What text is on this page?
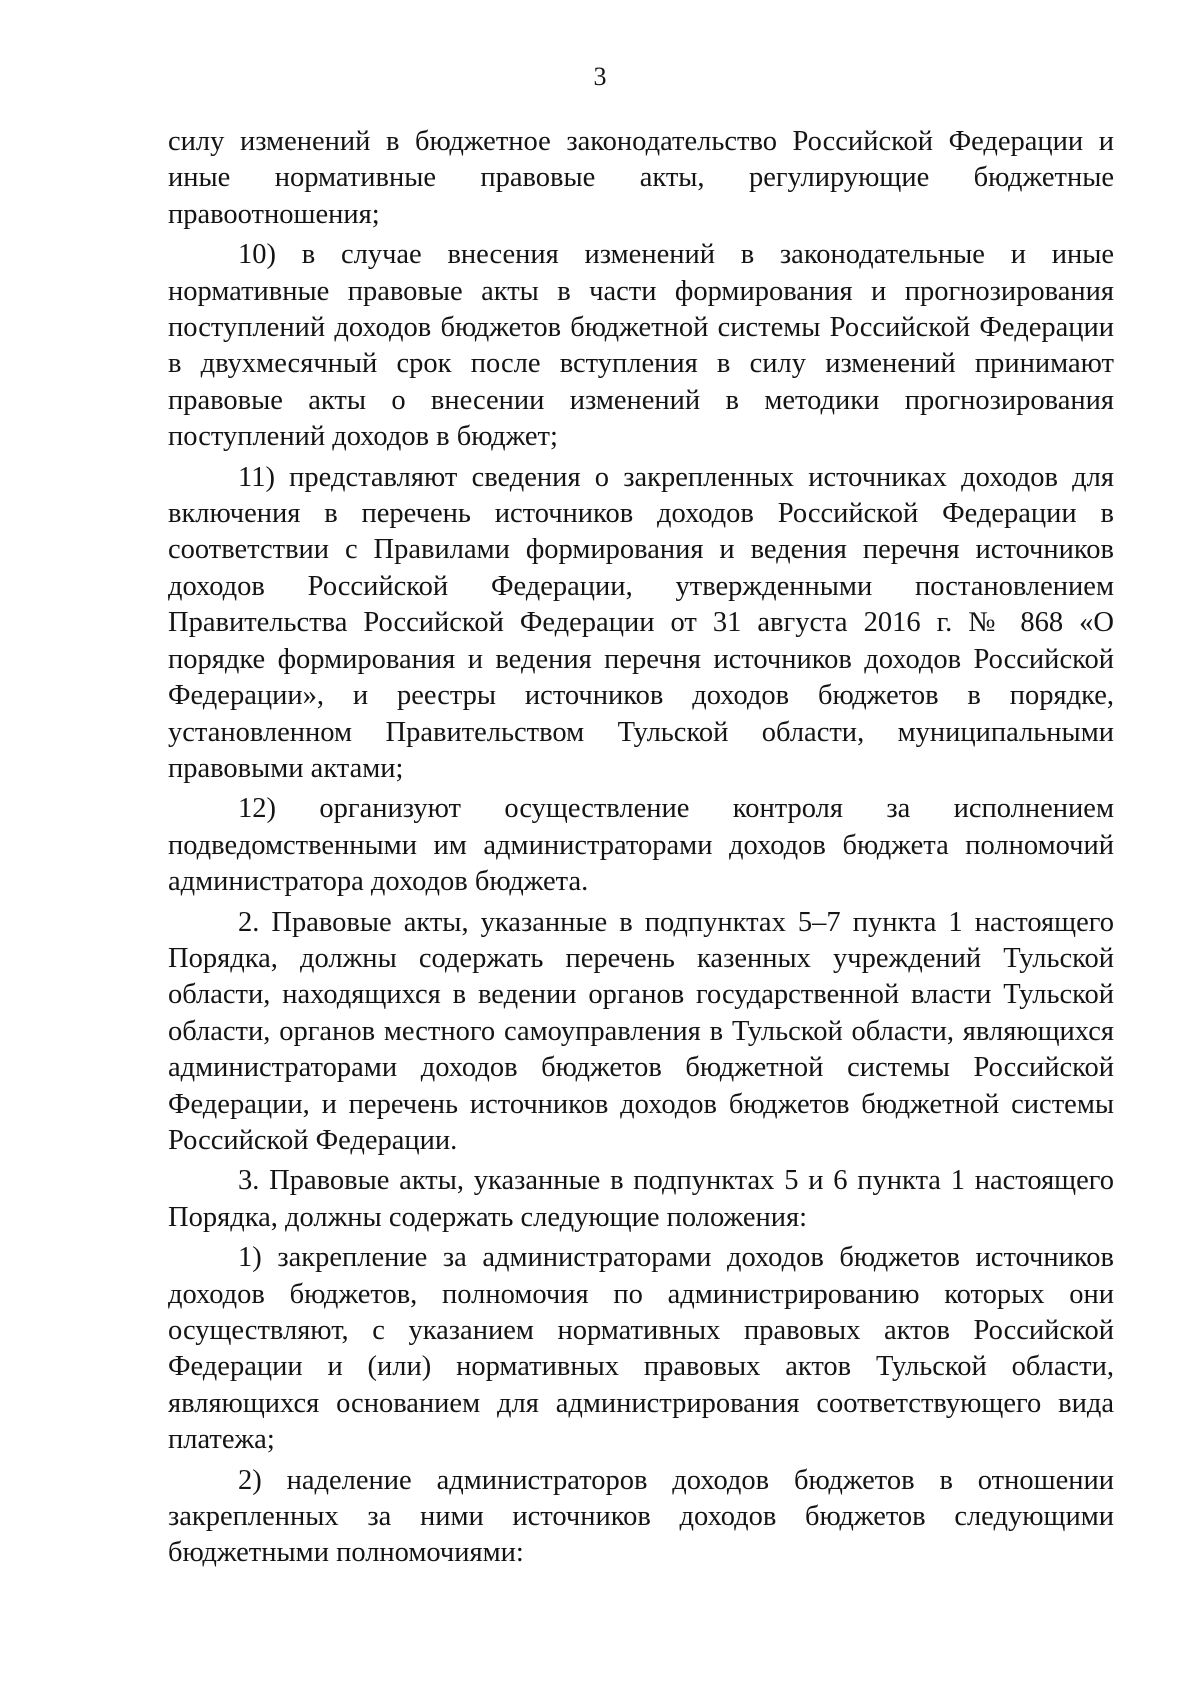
3

силу изменений в бюджетное законодательство Российской Федерации и иные нормативные правовые акты, регулирующие бюджетные правоотношения;

10) в случае внесения изменений в законодательные и иные нормативные правовые акты в части формирования и прогнозирования поступлений доходов бюджетов бюджетной системы Российской Федерации в двухмесячный срок после вступления в силу изменений принимают правовые акты о внесении изменений в методики прогнозирования поступлений доходов в бюджет;

11) представляют сведения о закрепленных источниках доходов для включения в перечень источников доходов Российской Федерации в соответствии с Правилами формирования и ведения перечня источников доходов Российской Федерации, утвержденными постановлением Правительства Российской Федерации от 31 августа 2016 г. № 868 «О порядке формирования и ведения перечня источников доходов Российской Федерации», и реестры источников доходов бюджетов в порядке, установленном Правительством Тульской области, муниципальными правовыми актами;

12) организуют осуществление контроля за исполнением подведомственными им администраторами доходов бюджета полномочий администратора доходов бюджета.

2. Правовые акты, указанные в подпунктах 5–7 пункта 1 настоящего Порядка, должны содержать перечень казенных учреждений Тульской области, находящихся в ведении органов государственной власти Тульской области, органов местного самоуправления в Тульской области, являющихся администраторами доходов бюджетов бюджетной системы Российской Федерации, и перечень источников доходов бюджетов бюджетной системы Российской Федерации.

3. Правовые акты, указанные в подпунктах 5 и 6 пункта 1 настоящего Порядка, должны содержать следующие положения:

1) закрепление за администраторами доходов бюджетов источников доходов бюджетов, полномочия по администрированию которых они осуществляют, с указанием нормативных правовых актов Российской Федерации и (или) нормативных правовых актов Тульской области, являющихся основанием для администрирования соответствующего вида платежа;

2) наделение администраторов доходов бюджетов в отношении закрепленных за ними источников доходов бюджетов следующими бюджетными полномочиями:
